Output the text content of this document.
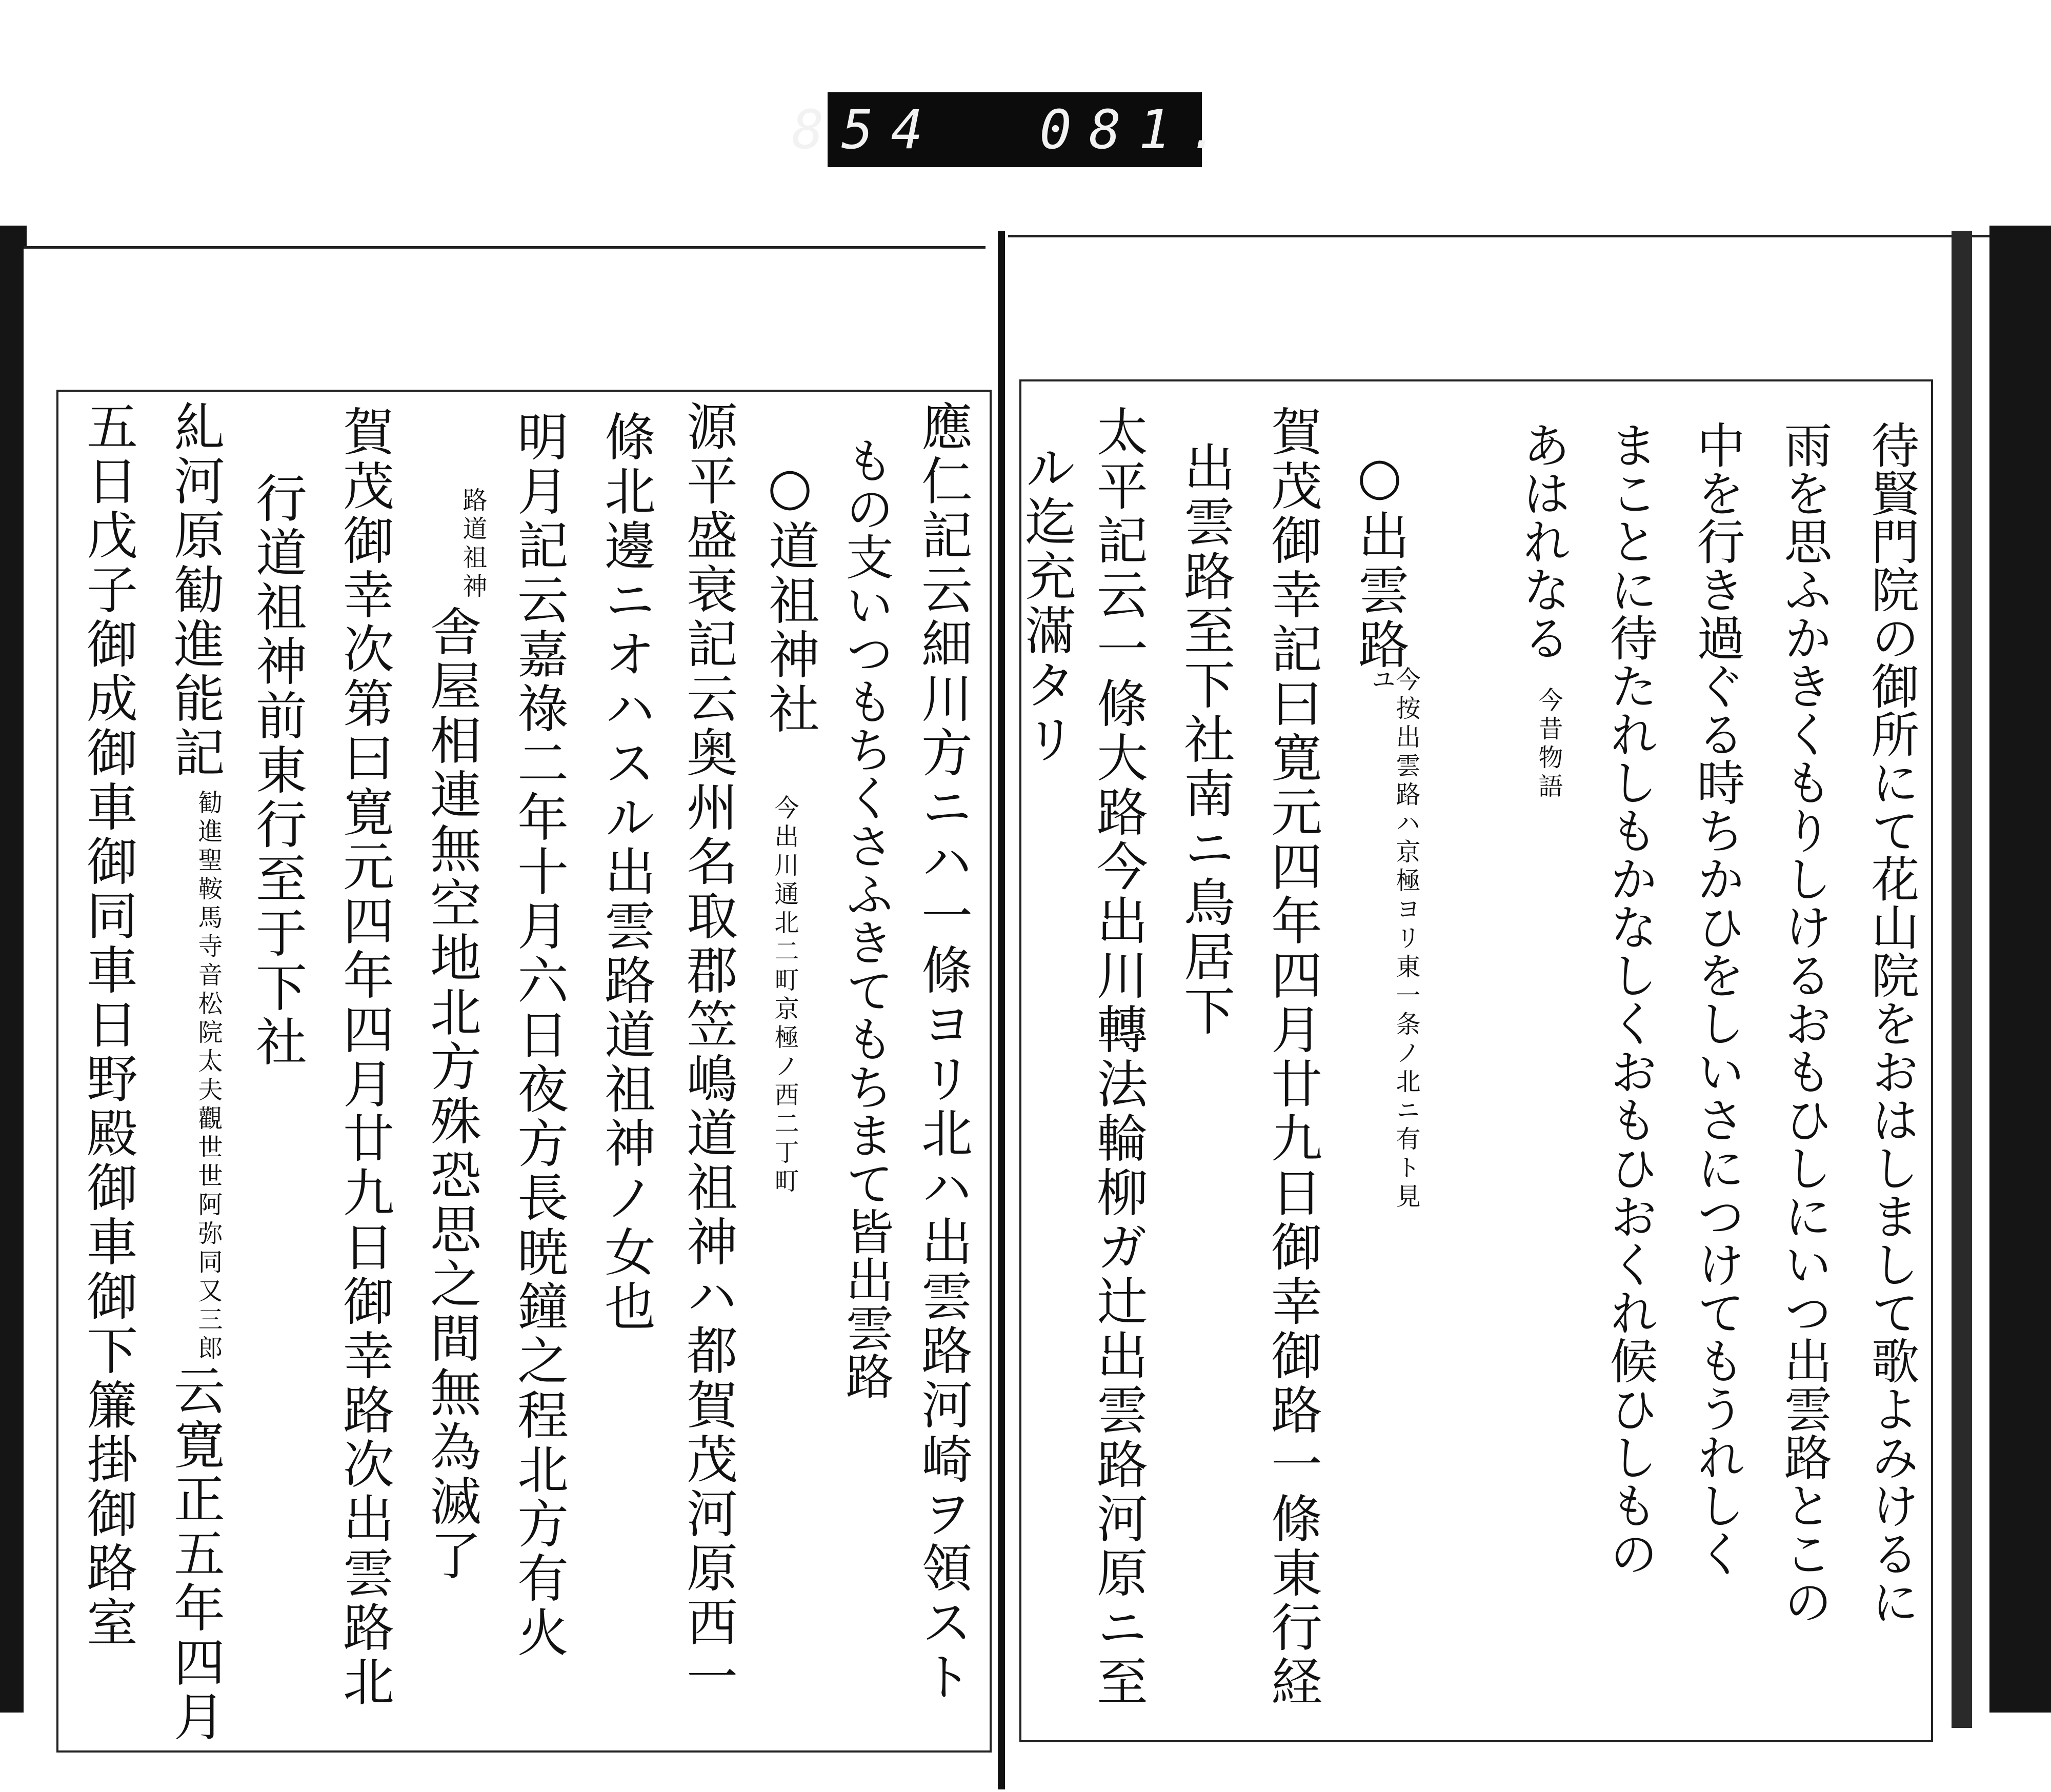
854  081.
應仁記云細川方ニハ一條ヨリ北ハ出雲路河崎ヲ領スト
もの支いつもちくさふきてもちまて皆出雲路
○道祖神社
今出川通北二町京極ノ西二丁町
源平盛衰記云奥州名取郡笠嶋道祖神ハ都賀茂河原西一
條北邊ニオハスル出雲路道祖神ノ女也
明月記云嘉祿二年十月六日夜方長暁鐘之程北方有火
路道祖神
舎屋相連無空地北方殊恐思之間無為滅了
賀茂御幸次第曰寛元四年四月廿九日御幸路次出雲路北
行道祖神前東行至于下社
糺河原勧進能記
勧進聖鞍馬寺音松院太夫觀世世阿弥同又三郎
云寛正五年四月
五日戊子御成御車御同車日野殿御車御下簾掛御路室	待賢門院の御所にて花山院をおはしまして歌よみけるに
雨を思ふかきくもりしけるおもひしにいつ出雲路とこの
中を行き過ぐる時ちかひをしいさにつけてもうれしく
まことに待たれしもかなしくおもひおくれ候ひしもの
あはれなる
今昔物語
○出雲路
今按出雲路ハ京極ヨリ東一条ノ北ニ有ト見ユ
賀茂御幸記曰寛元四年四月廿九日御幸御路一條東行経
出雲路至下社南ニ鳥居下
太平記云一條大路今出川轉法輪柳ガ辻出雲路河原ニ至
ル迄充滿タリ
